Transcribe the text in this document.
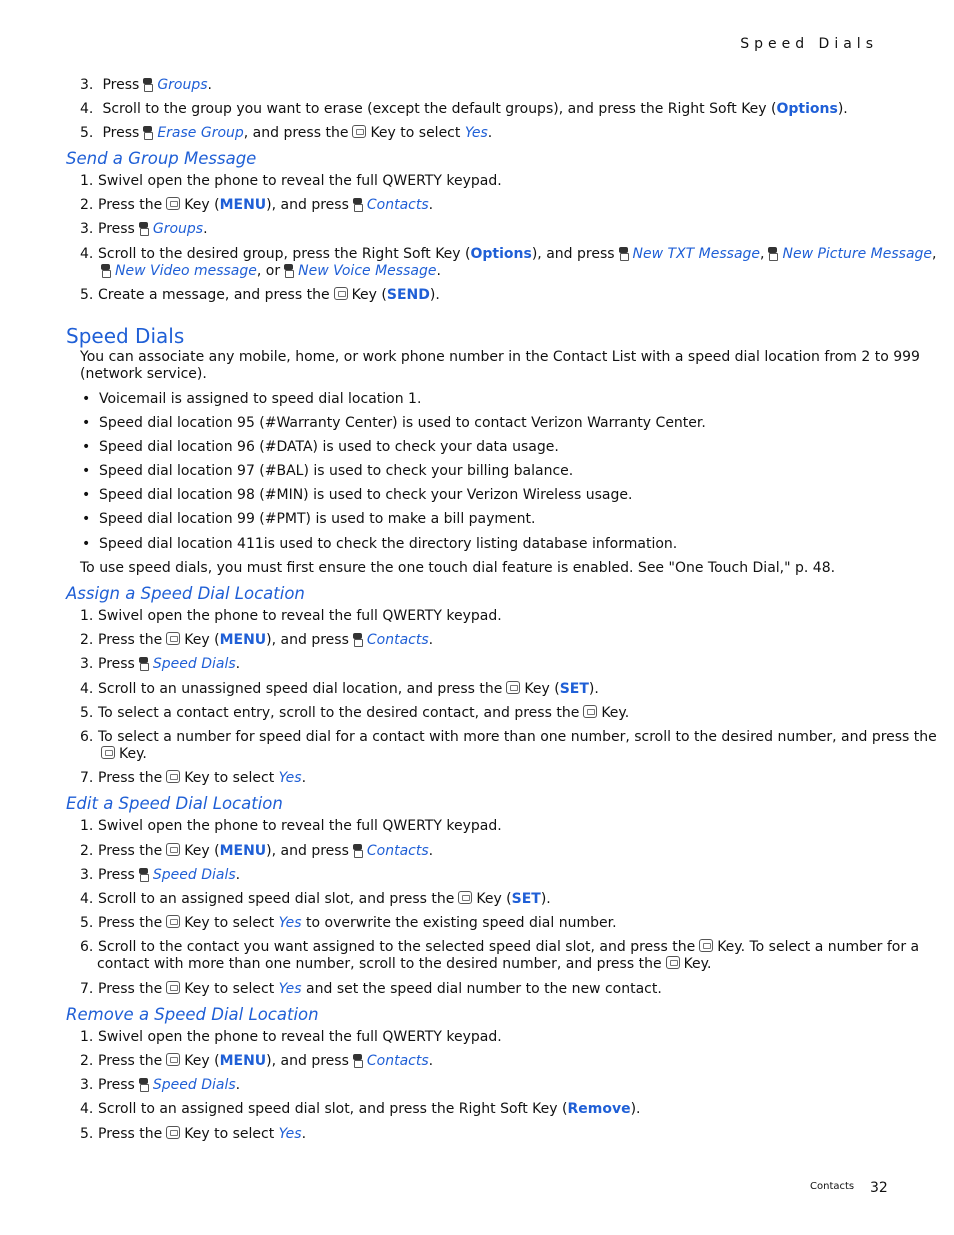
Speed Dials
3. Press Groups.
4. Scroll to the group you want to erase (except the default groups), and press the Right Soft Key (Options).
5. Press Erase Group, and press the Key to select Yes.
Send a Group Message
1. Swivel open the phone to reveal the full QWERTY keypad.
2. Press the Key (MENU), and press Contacts.
3. Press Groups.
4. Scroll to the desired group, press the Right Soft Key (Options), and press New TXT Message, New Picture Message,
New Video message, or New Voice Message.
5. Create a message, and press the Key (SEND).
Speed Dials
You can associate any mobile, home, or work phone number in the Contact List with a speed dial location from 2 to 999
(network service).
• Voicemail is assigned to speed dial location 1.
• Speed dial location 95 (#Warranty Center) is used to contact Verizon Warranty Center.
• Speed dial location 96 (#DATA) is used to check your data usage.
• Speed dial location 97 (#BAL) is used to check your billing balance.
• Speed dial location 98 (#MIN) is used to check your Verizon Wireless usage.
• Speed dial location 99 (#PMT) is used to make a bill payment.
• Speed dial location 411is used to check the directory listing database information.
To use speed dials, you must first ensure the one touch dial feature is enabled. See "One Touch Dial," p. 48.
Assign a Speed Dial Location
1. Swivel open the phone to reveal the full QWERTY keypad.
2. Press the Key (MENU), and press Contacts.
3. Press Speed Dials.
4. Scroll to an unassigned speed dial location, and press the Key (SET).
5. To select a contact entry, scroll to the desired contact, and press the Key.
6. To select a number for speed dial for a contact with more than one number, scroll to the desired number, and press the
Key.
7. Press the Key to select Yes.
Edit a Speed Dial Location
1. Swivel open the phone to reveal the full QWERTY keypad.
2. Press the Key (MENU), and press Contacts.
3. Press Speed Dials.
4. Scroll to an assigned speed dial slot, and press the Key (SET).
5. Press the Key to select Yes to overwrite the existing speed dial number.
6. Scroll to the contact you want assigned to the selected speed dial slot, and press the Key. To select a number for a
contact with more than one number, scroll to the desired number, and press the Key.
7. Press the Key to select Yes and set the speed dial number to the new contact.
Remove a Speed Dial Location
1. Swivel open the phone to reveal the full QWERTY keypad.
2. Press the Key (MENU), and press Contacts.
3. Press Speed Dials.
4. Scroll to an assigned speed dial slot, and press the Right Soft Key (Remove).
5. Press the Key to select Yes.
Contacts 32
